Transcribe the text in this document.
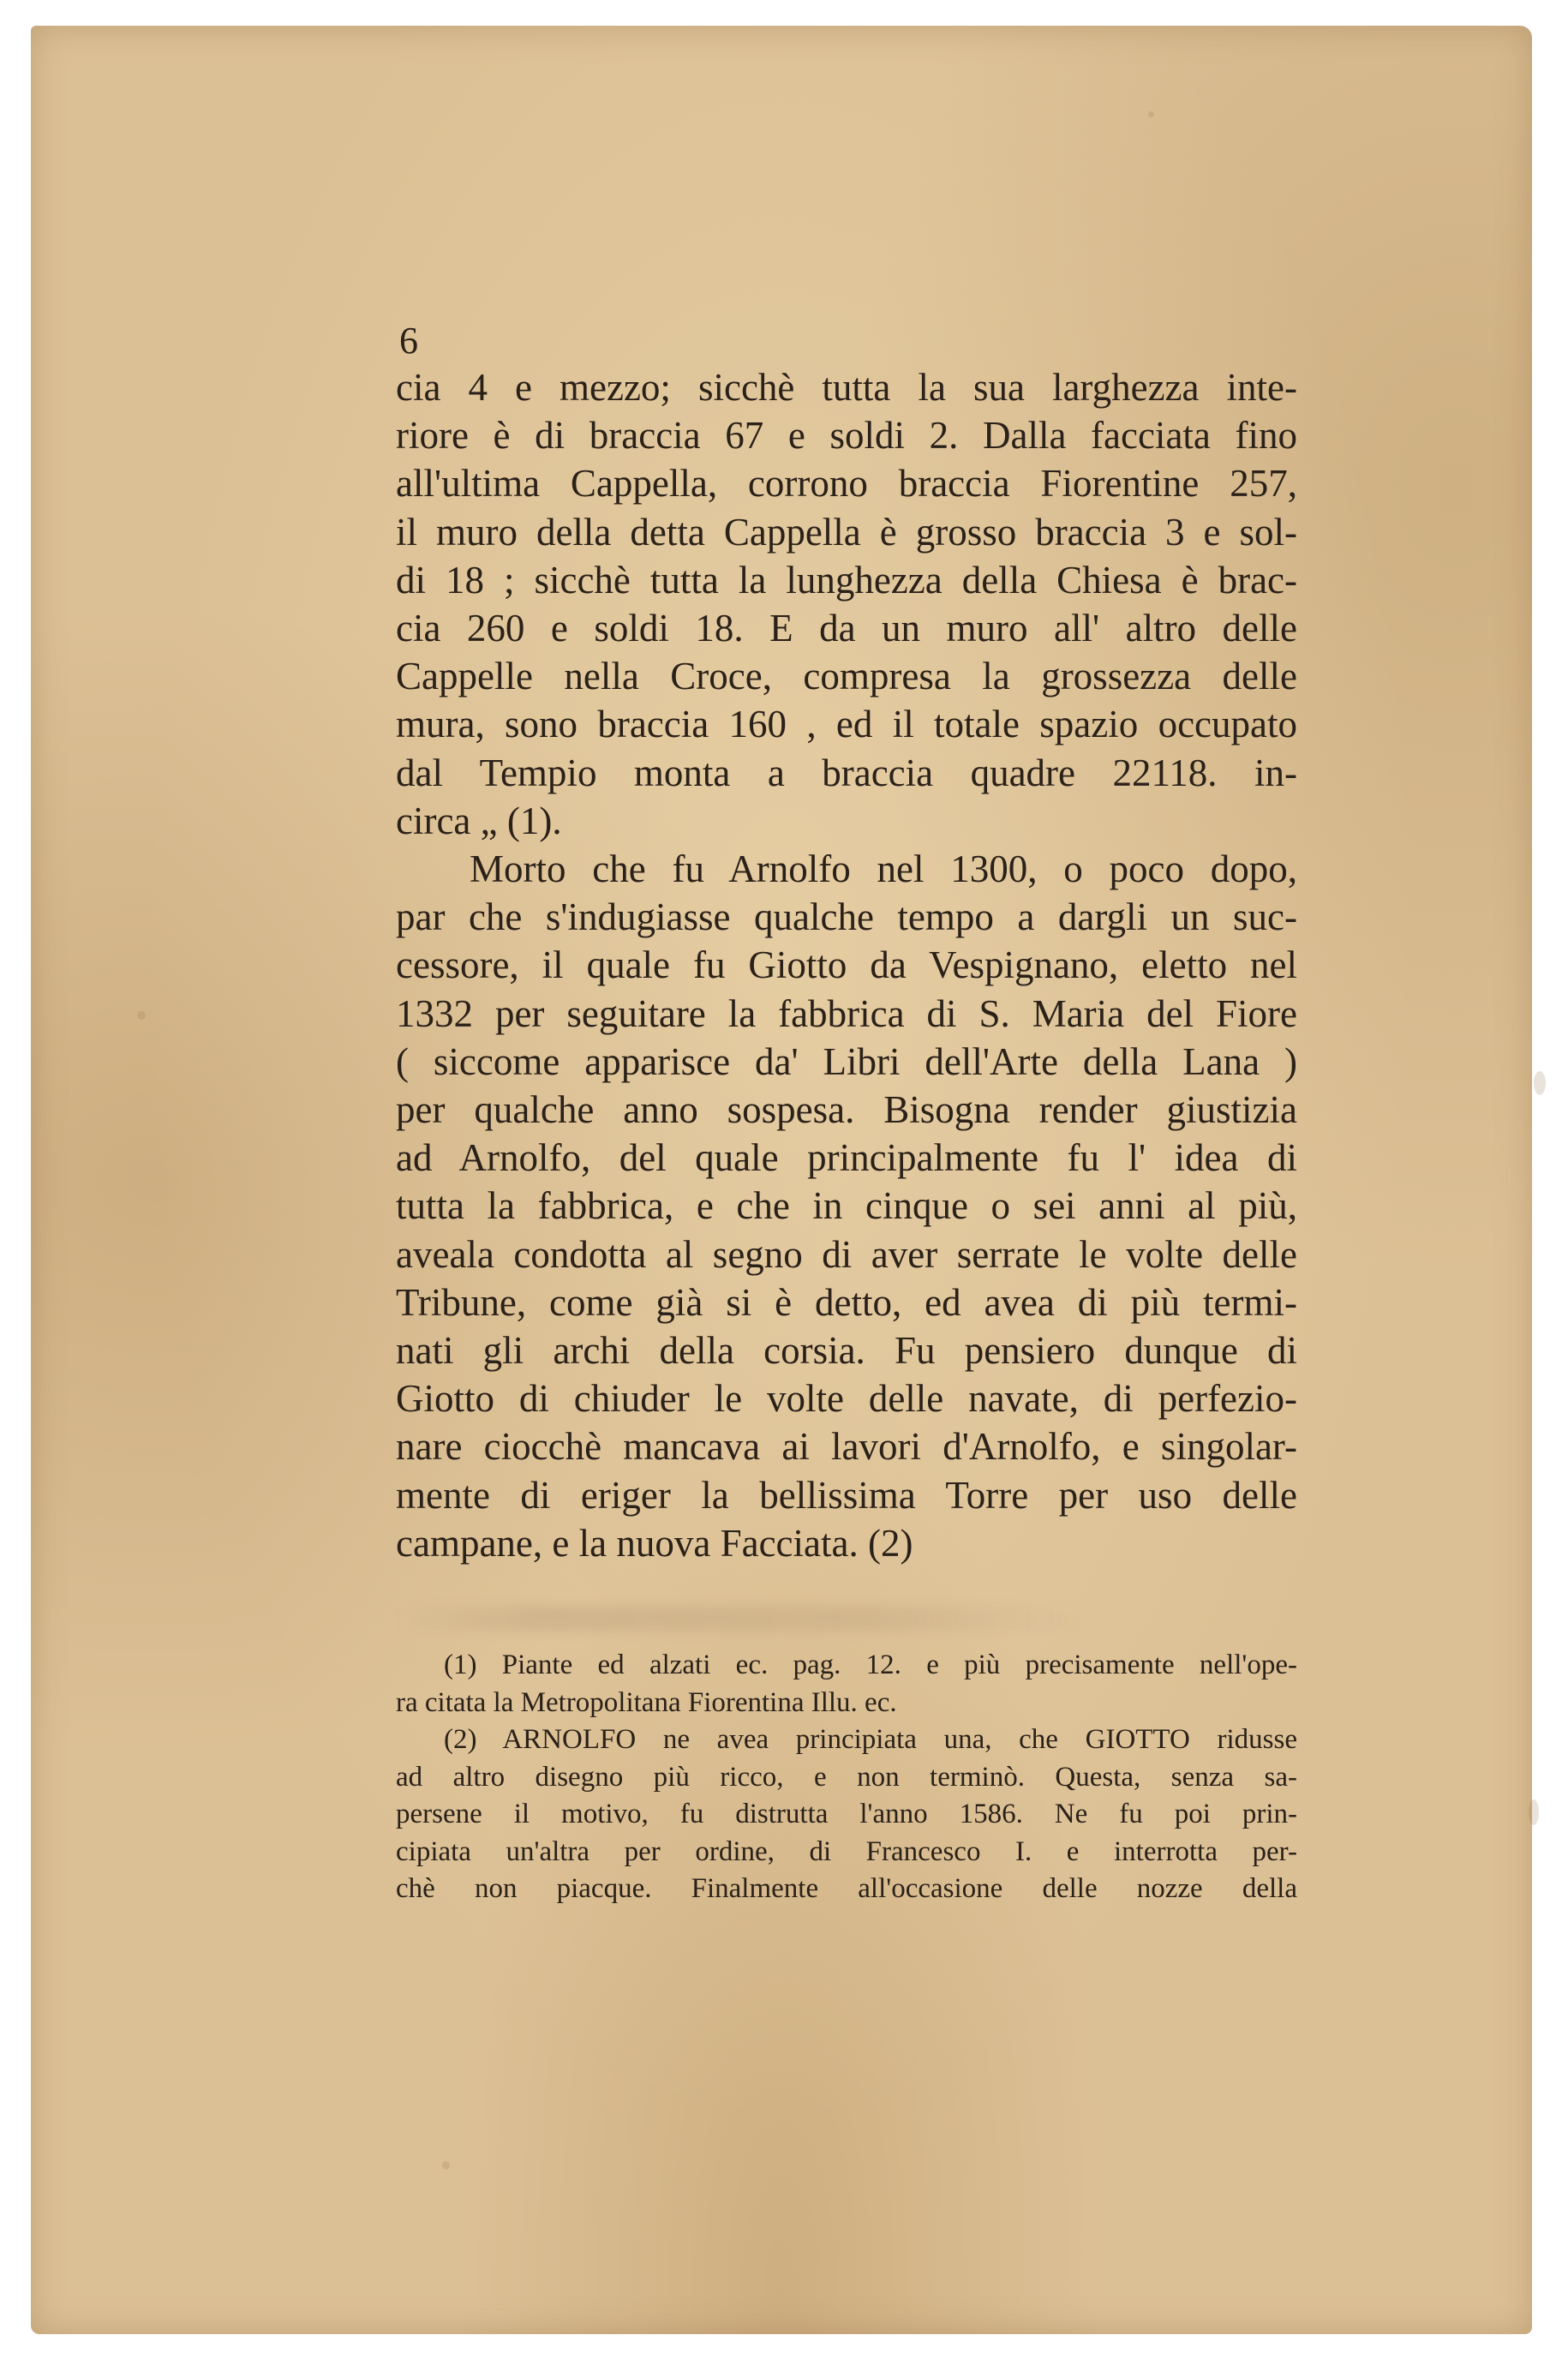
6
cia 4 e mezzo; sicchè tutta la sua larghezza inte-
riore è di braccia 67 e soldi 2. Dalla facciata fino
all'ultima Cappella, corrono braccia Fiorentine 257,
il muro della detta Cappella è grosso braccia 3 e sol-
di 18 ; sicchè tutta la lunghezza della Chiesa è brac-
cia 260 e soldi 18. E da un muro all' altro delle
Cappelle nella Croce, compresa la grossezza delle
mura, sono braccia 160 , ed il totale spazio occupato
dal Tempio monta a braccia quadre 22118. in-
circa „ (1).
Morto che fu Arnolfo nel 1300, o poco dopo,
par che s'indugiasse qualche tempo a dargli un suc-
cessore, il quale fu Giotto da Vespignano, eletto nel
1332 per seguitare la fabbrica di S. Maria del Fiore
( siccome apparisce da' Libri dell'Arte della Lana )
per qualche anno sospesa. Bisogna render giustizia
ad Arnolfo, del quale principalmente fu l' idea di
tutta la fabbrica, e che in cinque o sei anni al più,
aveala condotta al segno di aver serrate le volte delle
Tribune, come già si è detto, ed avea di più termi-
nati gli archi della corsia. Fu pensiero dunque di
Giotto di chiuder le volte delle navate, di perfezio-
nare ciocchè mancava ai lavori d'Arnolfo, e singolar-
mente di eriger la bellissima Torre per uso delle
campane, e la nuova Facciata. (2)
(1) Piante ed alzati ec. pag. 12. e più precisamente nell'ope-
ra citata la Metropolitana Fiorentina Illu. ec.
(2) ARNOLFO ne avea principiata una, che GIOTTO ridusse
ad altro disegno più ricco, e non terminò. Questa, senza sa-
persene il motivo, fu distrutta l'anno 1586. Ne fu poi prin-
cipiata un'altra per ordine, di Francesco I. e interrotta per-
chè non piacque. Finalmente all'occasione delle nozze della
